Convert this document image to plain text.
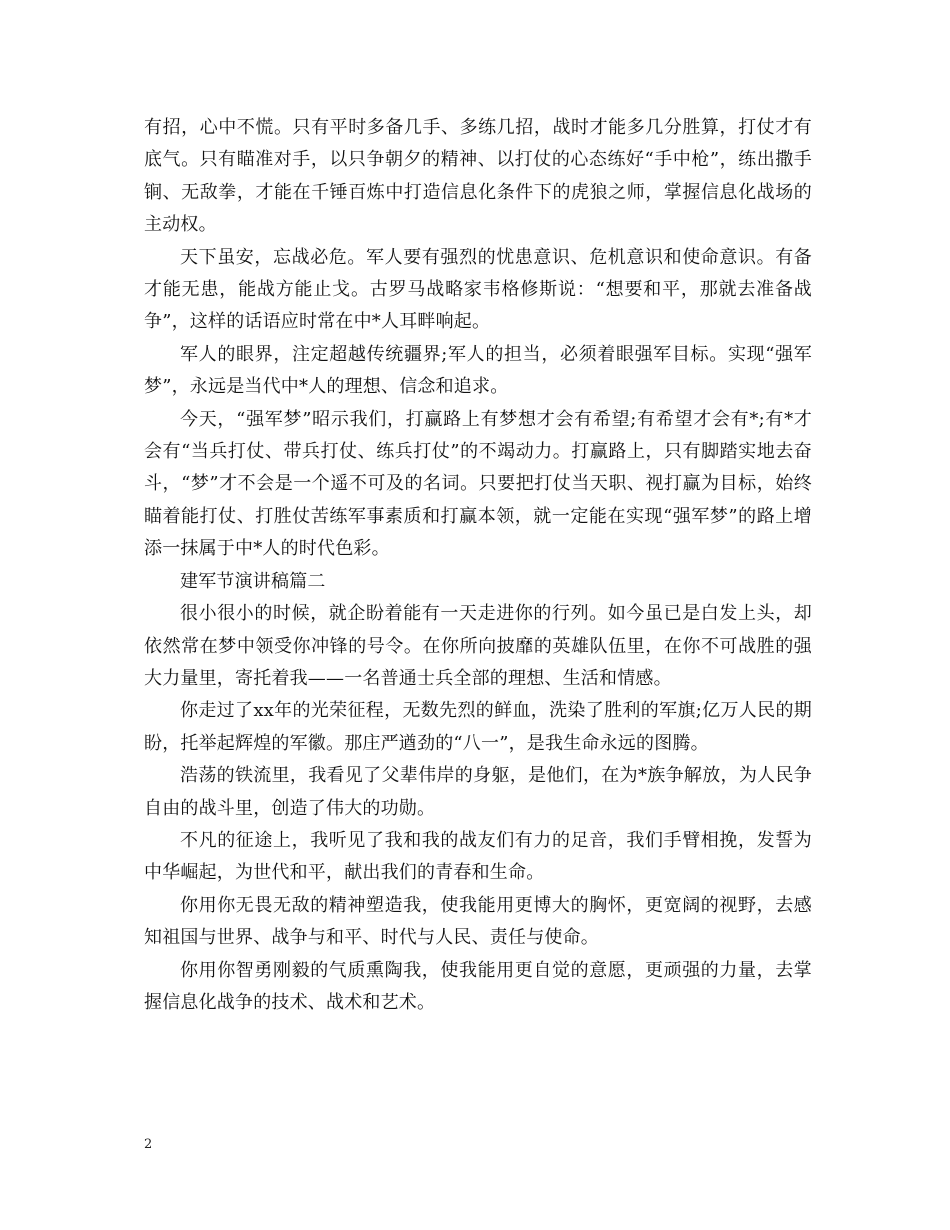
有招，心中不慌。只有平时多备几手、多练几招，战时才能多几分胜算，打仗才有底气。只有瞄准对手，以只争朝夕的精神、以打仗的心态练好“手中枪”，练出撒手锏、无敌拳，才能在千锤百炼中打造信息化条件下的虎狼之师，掌握信息化战场的主动权。

天下虽安，忘战必危。军人要有强烈的忧患意识、危机意识和使命意识。有备才能无患，能战方能止戈。古罗马战略家韦格修斯说：“想要和平，那就去准备战争”，这样的话语应时常在中*人耳畔响起。

军人的眼界，注定超越传统疆界;军人的担当，必须着眼强军目标。实现“强军梦”，永远是当代中*人的理想、信念和追求。

今天，“强军梦”昭示我们，打赢路上有梦想才会有希望;有希望才会有*;有*才会有“当兵打仗、带兵打仗、练兵打仗”的不竭动力。打赢路上，只有脚踏实地去奋斗，“梦”才不会是一个遥不可及的名词。只要把打仗当天职、视打赢为目标，始终瞄着能打仗、打胜仗苦练军事素质和打赢本领，就一定能在实现“强军梦”的路上增添一抹属于中*人的时代色彩。

建军节演讲稿篇二

很小很小的时候，就企盼着能有一天走进你的行列。如今虽已是白发上头，却依然常在梦中领受你冲锋的号令。在你所向披靡的英雄队伍里，在你不可战胜的强大力量里，寄托着我——一名普通士兵全部的理想、生活和情感。

你走过了xx年的光荣征程，无数先烈的鲜血，洗染了胜利的军旗;亿万人民的期盼，托举起辉煌的军徽。那庄严遒劲的“八一”，是我生命永远的图腾。

浩荡的铁流里，我看见了父辈伟岸的身躯，是他们，在为*族争解放，为人民争自由的战斗里，创造了伟大的功勋。

不凡的征途上，我听见了我和我的战友们有力的足音，我们手臂相挽，发誓为中华崛起，为世代和平，献出我们的青春和生命。

你用你无畏无敌的精神塑造我，使我能用更博大的胸怀，更宽阔的视野，去感知祖国与世界、战争与和平、时代与人民、责任与使命。

你用你智勇刚毅的气质熏陶我，使我能用更自觉的意愿，更顽强的力量，去掌握信息化战争的技术、战术和艺术。

2
